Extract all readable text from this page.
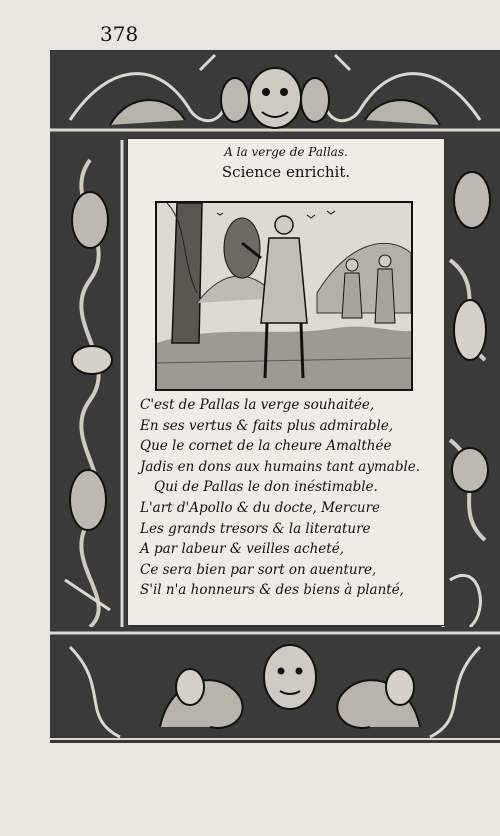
378
A la verge de Pallas.
Science enrichit.
C'est de Pallas la verge souhaitée,
En ses vertus & faits plus admirable,
Que le cornet de la cheure Amalthée
Jadis en dons aux humains tant aymable.
Qui de Pallas le don inéstimable.
L'art d'Apollo & du docte, Mercure
Les grands tresors & la literature
A par labeur & veilles acheté,
Ce sera bien par sort on auenture,
S'il n'a honneurs & des biens à planté,
